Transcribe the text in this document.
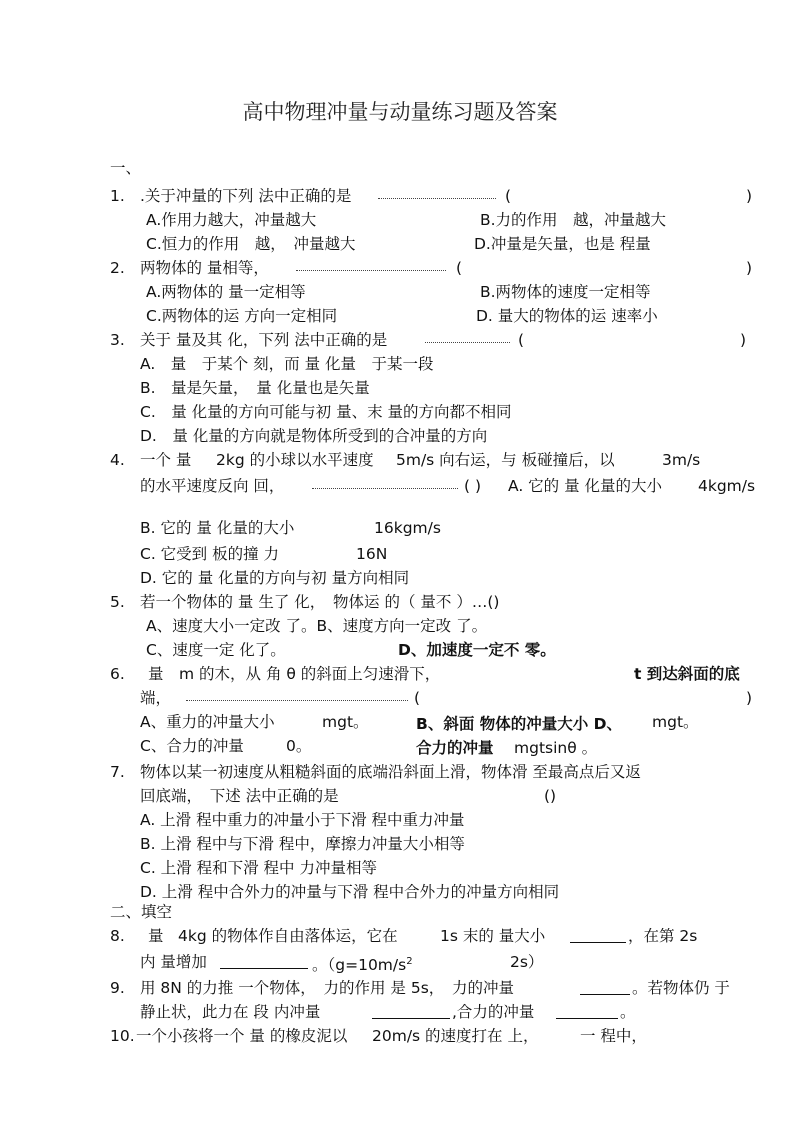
高中物理冲量与动量练习题及答案
一、
1. .关于冲量的下列 法中正确的是	(	)
A.作用力越大，冲量越大	B.力的作用　越，冲量越大
C.恒力的作用　越，　冲量越大	D.冲量是矢量，也是 程量
2. 两物体的 量相等，	(	)
A.两物体的 量一定相等	B.两物体的速度一定相等
C.两物体的运 方向一定相同	D. 量大的物体的运 速率小
3. 关于 量及其 化，下列 法中正确的是	(	)
A.　量　于某个 刻，而 量 化量　于某一段
B.　量是矢量，　量 化量也是矢量
C.　量 化量的方向可能与初 量、末 量的方向都不相同
D.　量 化量的方向就是物体所受到的合冲量的方向
4. 一个 量 2kg 的小球以水平速度 5m/s 向右运，与 板碰撞后，以	3m/s
的水平速度反向 回，	( ) A. 它的 量 化量的大小 4kgm/s
B. 它的 量 化量的大小	16kgm/s
C. 它受到 板的撞 力	16N
D. 它的 量 化量的方向与初 量方向相同
5. 若一个物体的 量 生了 化，　物体运 的（ 量不 ）…()
A、速度大小一定改 了。B、速度方向一定改 了。
C、速度一定 化了。	D、加速度一定不 零。
6. 量　m 的木，从 角 θ 的斜面上匀速滑下，	t 到达斜面的底
端，	(	)
A、重力的冲量大小	mgt。	B、斜面 物体的冲量大小 D、 mgt。
C、合力的冲量	0。	合力的冲量 mgtsinθ 。
7. 物体以某一初速度从粗糙斜面的底端沿斜面上滑，物体滑 至最高点后又返
回底端，　下述 法中正确的是	()
A. 上滑 程中重力的冲量小于下滑 程中重力冲量
B. 上滑 程中与下滑 程中，摩擦力冲量大小相等
C. 上滑 程和下滑 程中 力冲量相等
D. 上滑 程中合外力的冲量与下滑 程中合外力的冲量方向相同
二、填空
8. 量 4kg 的物体作自由落体运，它在	1s 末的 量大小	，在第 2s
内 量增加	。（$g=10m/s^2$	2s）
9. 用 8N 的力推 一个物体，　力的作用 是 5s，　力的冲量	。若物体仍 于
静止状，此力在 段 内冲量	,合力的冲量	。
10. 一个小孩将一个 量 的橡皮泥以 20m/s 的速度打在 上，	一 程中，
